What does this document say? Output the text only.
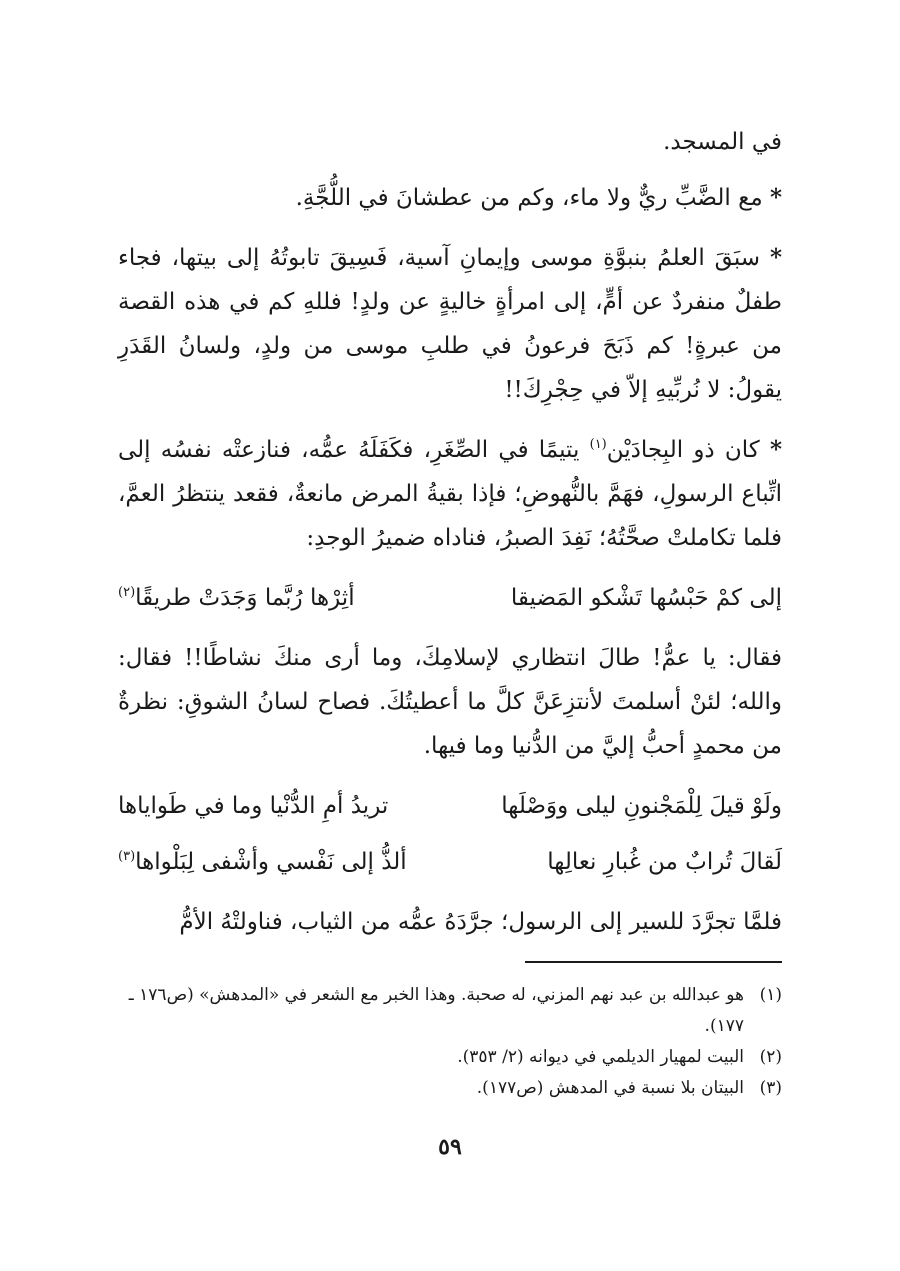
في المسجد.

* مع الضَّبِّ ريٌّ ولا ماء، وكم من عطشانَ في اللُّجَّةِ.

* سبَقَ العلمُ بنبوَّةِ موسى وإيمانِ آسية، فَسِيقَ تابوتُهُ إلى بيتها، فجاء طفلٌ منفردٌ عن أمٍّ، إلى امرأةٍ خاليةٍ عن ولدٍ! فللهِ كم في هذه القصة من عبرةٍ! كم ذَبَحَ فرعونُ في طلبِ موسى من ولدٍ، ولسانُ القَدَرِ يقولُ: لا نُربِّيهِ إلاّ في حِجْرِكَ!!

* كان ذو البِجادَيْن$^{(١)}$ يتيمًا في الصِّغَرِ، فكَفَلَهُ عمُّه، فنازعتْه نفسُه إلى اتِّباع الرسولِ، فهَمَّ بالنُّهوضِ؛ فإذا بقيةُ المرض مانعةٌ، فقعد ينتظرُ العمَّ، فلما تكاملتْ صحَّتُهُ؛ نَفِدَ الصبرُ، فناداه ضميرُ الوجدِ:

إلى كمْ حَبْسُها تَشْكو المَضيقا
أثِرْها رُبَّما وَجَدَتْ طريقًا$^{(٢)}$

فقال: يا عمُّ! طالَ انتظاري لإسلامِكَ، وما أرى منكَ نشاطًا!! فقال: والله؛ لئنْ أسلمتَ لأنتزِعَنَّ كلَّ ما أعطيتُكَ. فصاح لسانُ الشوقِ: نظرةٌ من محمدٍ أحبُّ إليَّ من الدُّنيا وما فيها.

ولَوْ قيلَ لِلْمَجْنونِ ليلى ووَصْلَها
تريدُ أمِ الدُّنْيا وما في طَواياها
لَقالَ تُرابٌ من غُبارِ نعالِها
ألذُّ إلى نَفْسي وأشْفى لِبَلْواها$^{(٣)}$

فلمَّا تجرَّدَ للسير إلى الرسول؛ جرَّدَهُ عمُّه من الثياب، فناولتْهُ الأمُّ

(١)
هو عبدالله بن عبد نهم المزني، له صحبة. وهذا الخبر مع الشعر في «المدهش» (ص١٧٦ ـ ١٧٧).
(٢)
البيت لمهيار الديلمي في ديوانه (٢/ ٣٥٣).
(٣)
البيتان بلا نسبة في المدهش (ص١٧٧).
٥٩
